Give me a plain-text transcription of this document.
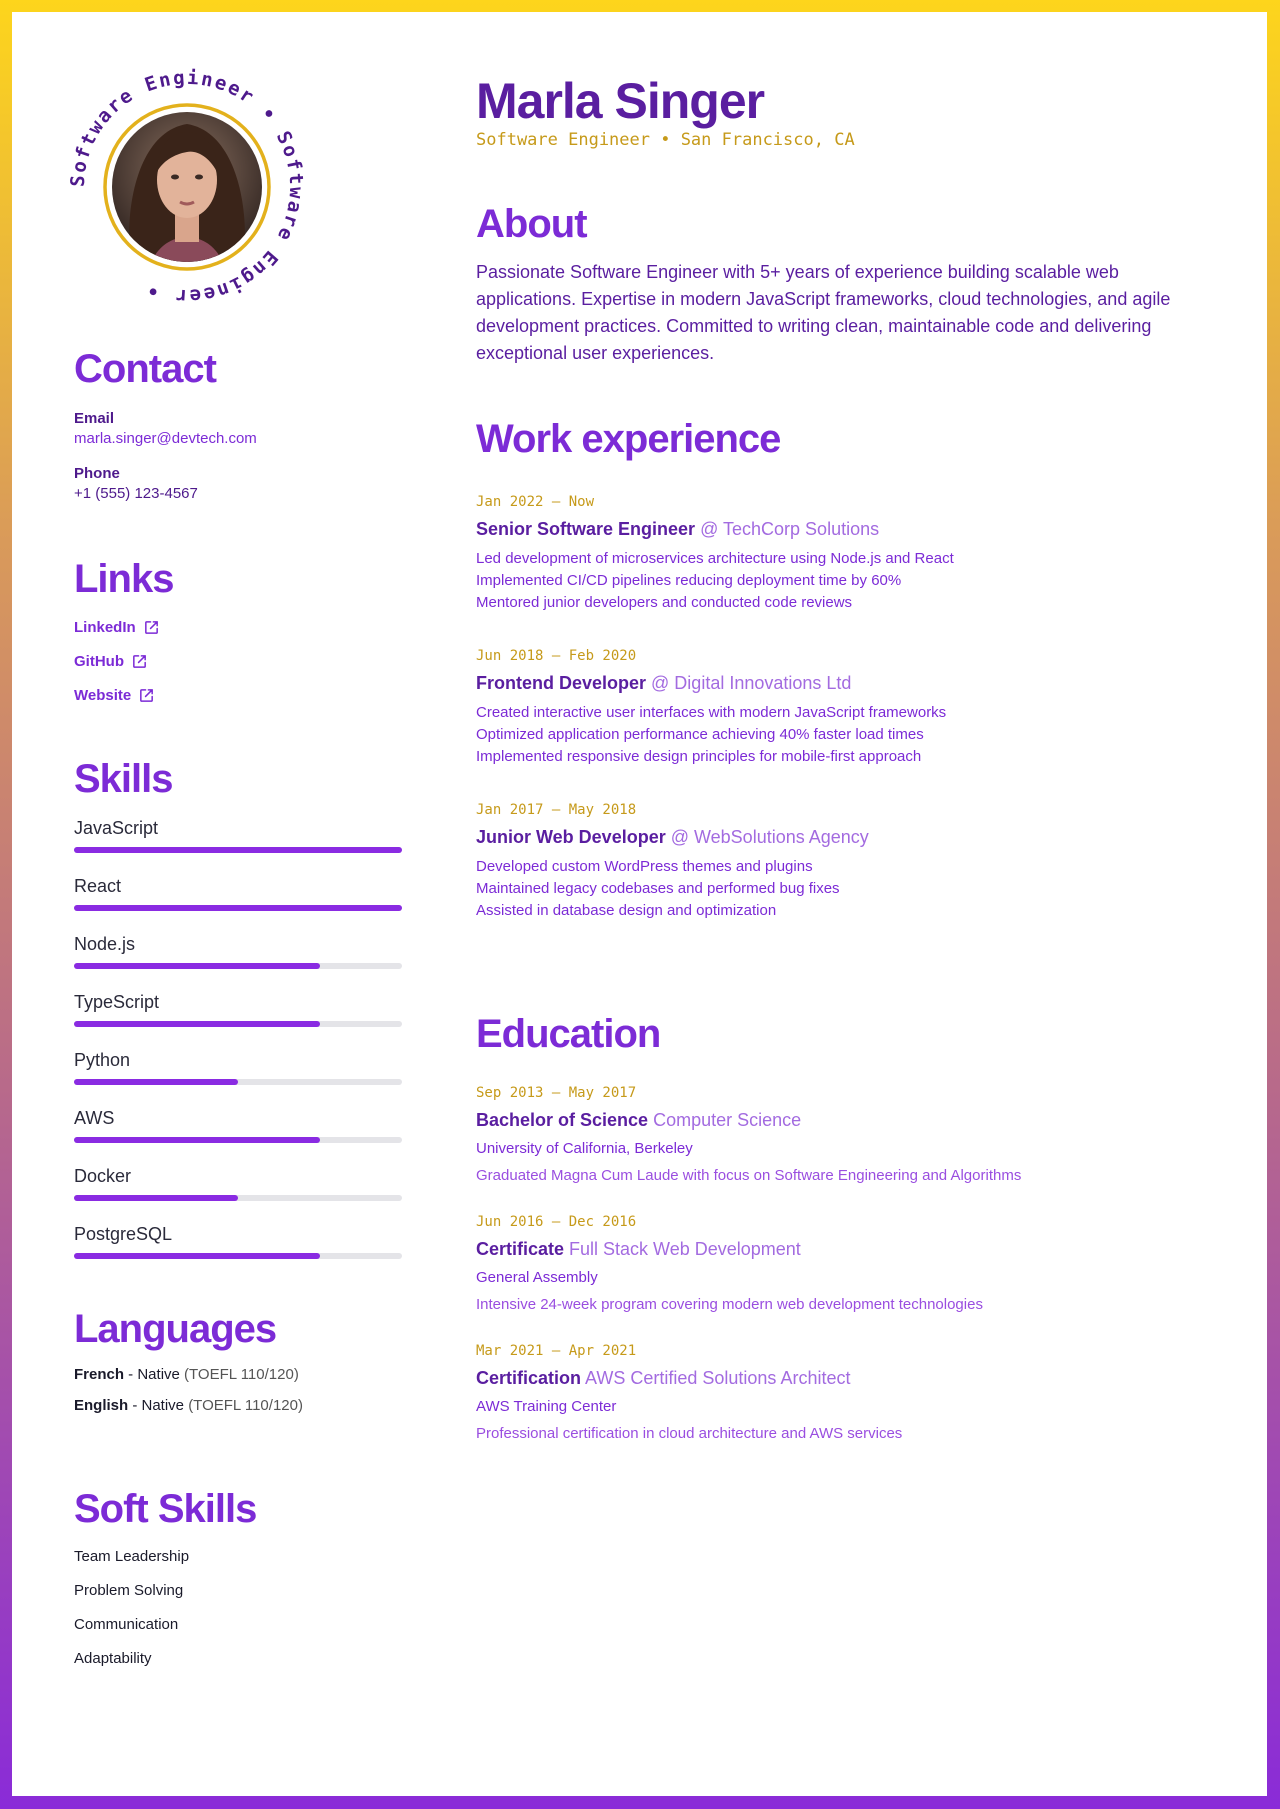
Software Engineer • Software Engineer •
Contact
Email
marla.singer@devtech.com
Phone
+1 (555) 123-4567
Links
LinkedIn
GitHub
Website
Skills
JavaScript
React
Node.js
TypeScript
Python
AWS
Docker
PostgreSQL
Languages
French - Native (TOEFL 110/120)
English - Native (TOEFL 110/120)
Soft Skills
Team Leadership
Problem Solving
Communication
Adaptability
Marla Singer
Software Engineer • San Francisco, CA
About

Passionate Software Engineer with 5+ years of experience building scalable web applications. Expertise in modern JavaScript frameworks, cloud technologies, and agile development practices. Committed to writing clean, maintainable code and delivering exceptional user experiences.

Work experience
Jan 2022 — Now
Senior Software Engineer @ TechCorp Solutions
Led development of microservices architecture using Node.js and React
Implemented CI/CD pipelines reducing deployment time by 60%
Mentored junior developers and conducted code reviews
Jun 2018 — Feb 2020
Frontend Developer @ Digital Innovations Ltd
Created interactive user interfaces with modern JavaScript frameworks
Optimized application performance achieving 40% faster load times
Implemented responsive design principles for mobile-first approach
Jan 2017 — May 2018
Junior Web Developer @ WebSolutions Agency
Developed custom WordPress themes and plugins
Maintained legacy codebases and performed bug fixes
Assisted in database design and optimization
Education
Sep 2013 — May 2017
Bachelor of Science Computer Science
University of California, Berkeley
Graduated Magna Cum Laude with focus on Software Engineering and Algorithms
Jun 2016 — Dec 2016
Certificate Full Stack Web Development
General Assembly
Intensive 24-week program covering modern web development technologies
Mar 2021 — Apr 2021
Certification AWS Certified Solutions Architect
AWS Training Center
Professional certification in cloud architecture and AWS services
